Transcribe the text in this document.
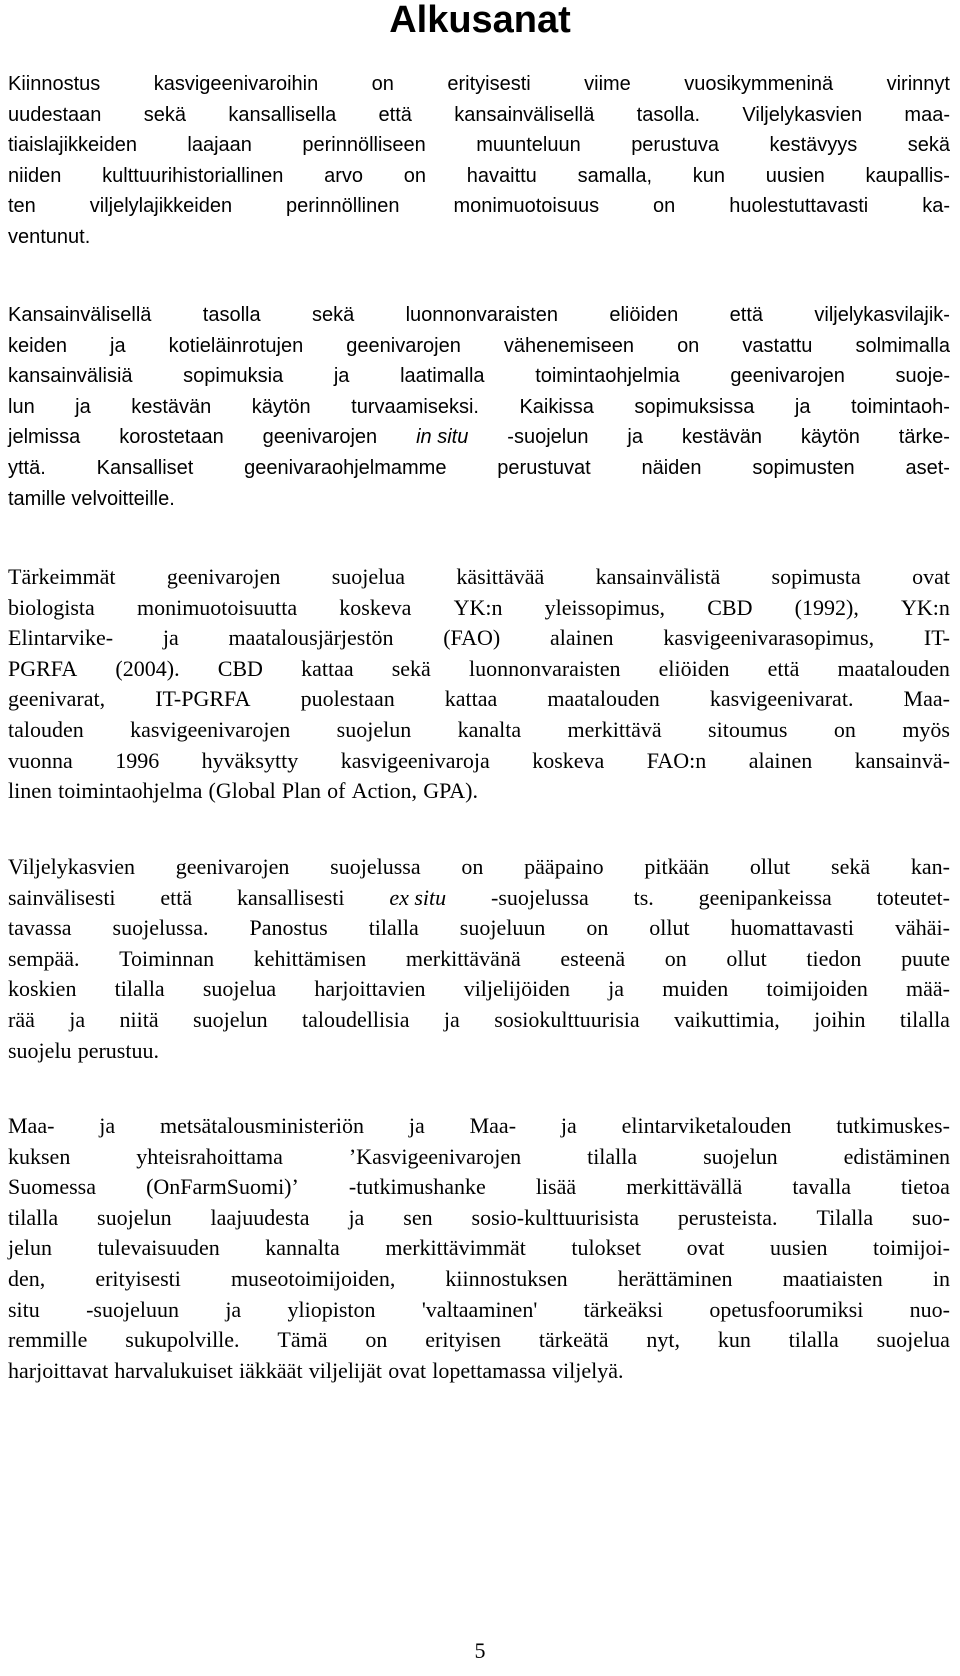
Alkusanat
Kiinnostus	kasvigeenivaroihin	on	erityisesti	viime	vuosikymmeninä	virinnyt
uudestaan sekä kansallisella että kansainvälisellä tasolla. Viljelykasvien maa-
tiaislajikkeiden	laajaan	perinnölliseen	muunteluun	perustuva	kestävyys	sekä
niiden kulttuurihistoriallinen arvo on havaittu samalla, kun uusien kaupallis-
ten	viljelylajikkeiden	perinnöllinen	monimuotoisuus	on	huolestuttavasti	ka-
ventunut.
Kansainvälisellä	tasolla	sekä	luonnonvaraisten	eliöiden	että	viljelykasvilajik-
keiden ja kotieläinrotujen geenivarojen vähenemiseen on vastattu solmimalla
kansainvälisiä	sopimuksia	ja	laatimalla	toimintaohjelmia	geenivarojen	suoje-
lun ja kestävän käytön turvaamiseksi. Kaikissa sopimuksissa ja toimintaoh-
jelmissa korostetaan geenivarojen in situ -suojelun ja kestävän käytön tärke-
yttä.	Kansalliset	geenivaraohjelmamme	perustuvat	näiden	sopimusten	aset-
tamille velvoitteille.
Tärkeimmät geenivarojen suojelua käsittävää kansainvälistä sopimusta ovat
biologista monimuotoisuutta koskeva YK:n yleissopimus, CBD (1992), YK:n
Elintarvike- ja maatalousjärjestön (FAO) alainen kasvigeenivarasopimus, IT-
PGRFA (2004). CBD kattaa sekä luonnonvaraisten eliöiden että maatalouden
geenivarat, IT-PGRFA puolestaan kattaa maatalouden kasvigeenivarat. Maa-
talouden kasvigeenivarojen suojelun kanalta merkittävä sitoumus on myös
vuonna 1996 hyväksytty kasvigeenivaroja koskeva FAO:n alainen kansainvä-
linen toimintaohjelma (Global Plan of Action, GPA).
Viljelykasvien geenivarojen suojelussa on pääpaino pitkään ollut sekä kan-
sainvälisesti että kansallisesti ex situ -suojelussa ts. geenipankeissa toteutet-
tavassa suojelussa. Panostus tilalla suojeluun on ollut huomattavasti vähäi-
sempää. Toiminnan kehittämisen merkittävänä esteenä on ollut tiedon puute
koskien tilalla suojelua harjoittavien viljelijöiden ja muiden toimijoiden mää-
rää ja niitä suojelun taloudellisia ja sosiokulttuurisia vaikuttimia, joihin tilalla
suojelu perustuu.
Maa- ja metsätalousministeriön ja Maa- ja elintarviketalouden tutkimuskes-
kuksen	yhteisrahoittama	’Kasvigeenivarojen	tilalla	suojelun	edistäminen
Suomessa (OnFarmSuomi)’ -tutkimushanke lisää merkittävällä tavalla tietoa
tilalla suojelun laajuudesta ja sen sosio-kulttuurisista perusteista. Tilalla suo-
jelun tulevaisuuden kannalta merkittävimmät tulokset ovat uusien toimijoi-
den, erityisesti museotoimijoiden, kiinnostuksen herättäminen maatiaisten in
situ -suojeluun ja yliopiston 'valtaaminen' tärkeäksi opetusfoorumiksi nuo-
remmille sukupolville. Tämä on erityisen tärkeätä nyt, kun tilalla suojelua
harjoittavat harvalukuiset iäkkäät viljelijät ovat lopettamassa viljelyä.
5
